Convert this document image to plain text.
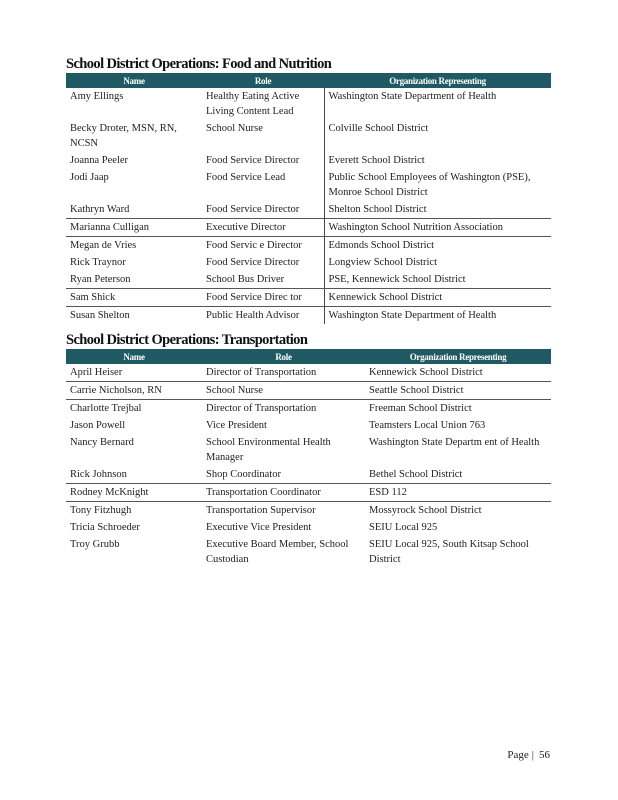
School District Operations: Food and Nutrition
Name	Role	Organization Representing
Amy Ellings	Healthy Eating Active Living Content Lead	Washington State Department of Health
Becky Droter, MSN, RN, NCSN	School Nurse	Colville School District
Joanna Peeler	Food Service Director	Everett School District
Jodi Jaap	Food Service Lead	Public School Employees of Washington (PSE), Monroe School District
Kathryn Ward	Food Service Director	Shelton School District
Marianna Culligan	Executive Director	Washington School Nutrition Association
Megan de Vries	Food Servic e Director	Edmonds School District
Rick Traynor	Food Service Director	Longview School District
Ryan Peterson	School Bus Driver	PSE, Kennewick School District
Sam Shick	Food Service Direc tor	Kennewick School District
Susan Shelton	Public Health Advisor	Washington State Department of Health
School District Operations: Transportation
Name	Role	Organization Representing
April Heiser	Director of Transportation	Kennewick School District
Carrie Nicholson, RN	School Nurse	Seattle School District
Charlotte Trejbal	Director of Transportation	Freeman School District
Jason Powell	Vice President	Teamsters Local Union 763
Nancy Bernard	School Environmental Health Manager	Washington State Departm ent of Health
Rick Johnson	Shop Coordinator	Bethel School District
Rodney McKnight	Transportation Coordinator	ESD 112
Tony Fitzhugh	Transportation Supervisor	Mossyrock School District
Tricia Schroeder	Executive Vice President	SEIU Local 925
Troy Grubb	Executive Board Member, School Custodian	SEIU Local 925, South Kitsap School District
Page | 56
